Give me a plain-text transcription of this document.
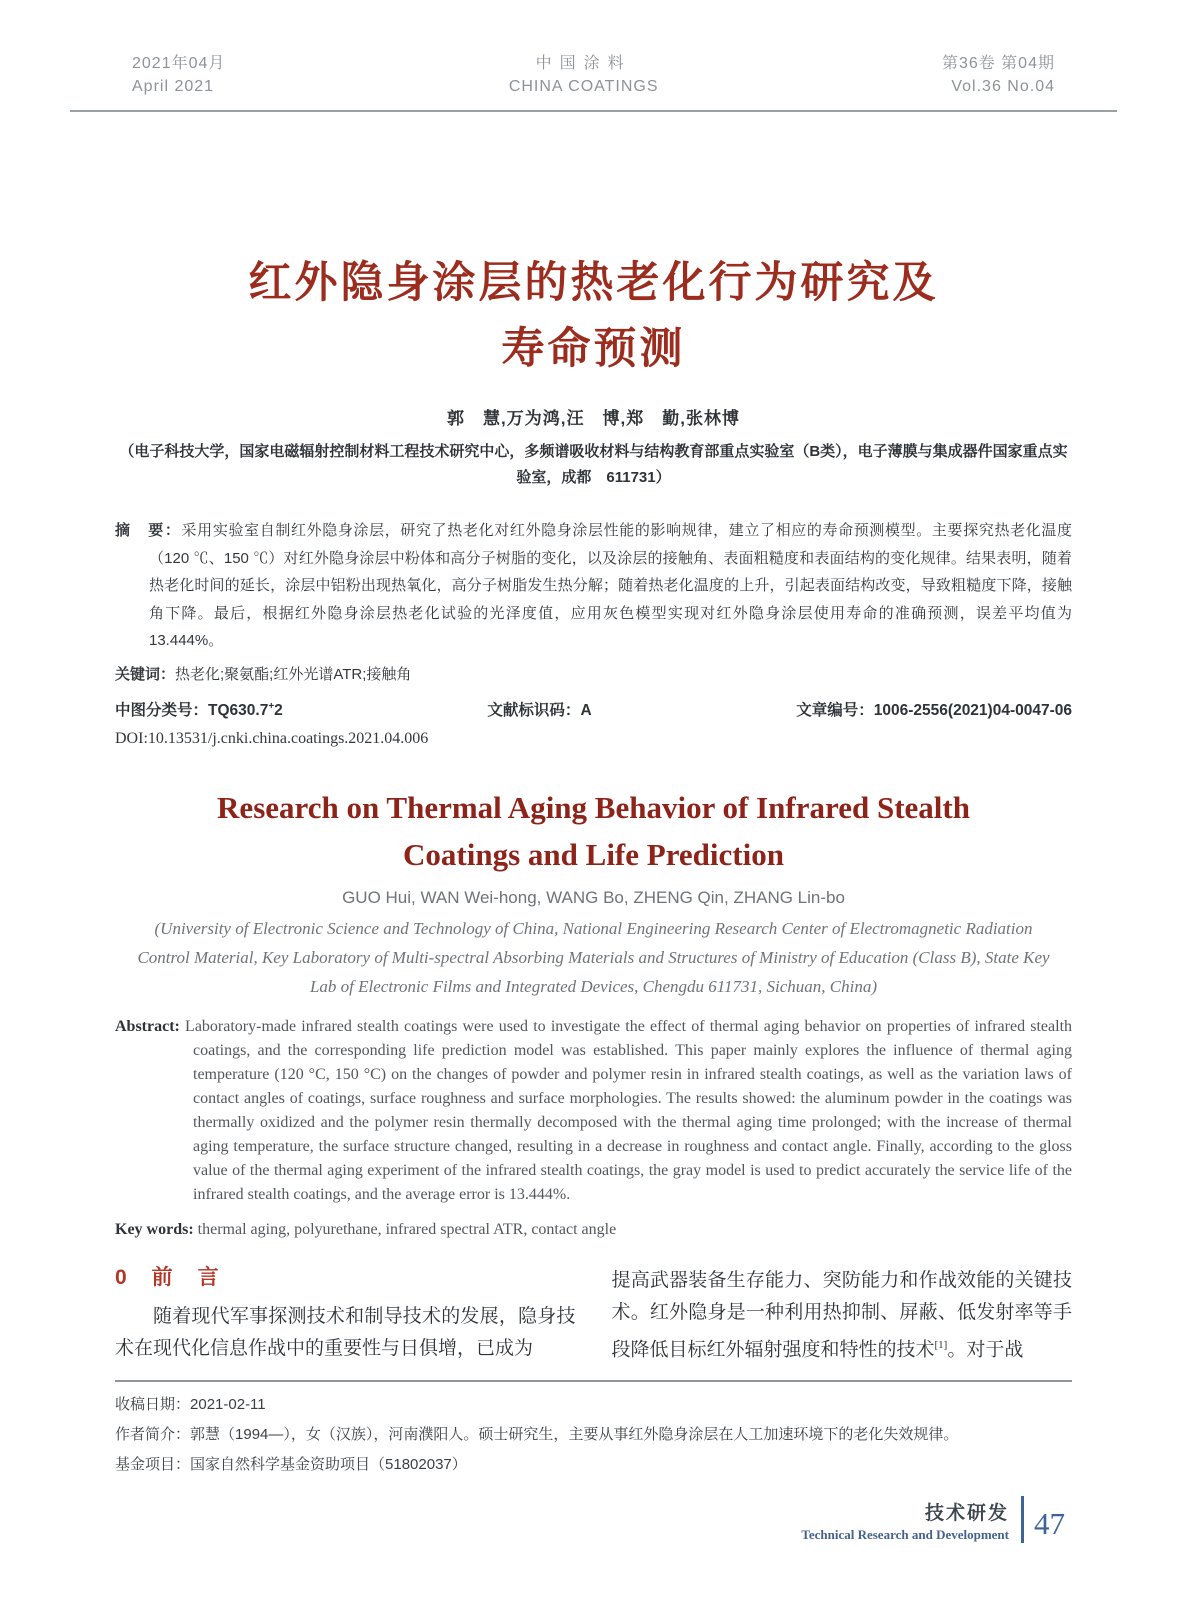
2021年04月
April 2021
中国涂料
CHINA COATINGS
第36卷 第04期
Vol.36 No.04
红外隐身涂层的热老化行为研究及
寿命预测
郭　慧,万为鸿,汪　博,郑　勤,张林博
（电子科技大学，国家电磁辐射控制材料工程技术研究中心，多频谱吸收材料与结构教育部重点实验室（B类），电子薄膜与集成器件国家重点实验室，成都　611731）

摘　要：采用实验室自制红外隐身涂层，研究了热老化对红外隐身涂层性能的影响规律，建立了相应的寿命预测模型。主要探究热老化温度（120 ℃、150 ℃）对红外隐身涂层中粉体和高分子树脂的变化，以及涂层的接触角、表面粗糙度和表面结构的变化规律。结果表明，随着热老化时间的延长，涂层中铝粉出现热氧化，高分子树脂发生热分解；随着热老化温度的上升，引起表面结构改变，导致粗糙度下降，接触角下降。最后，根据红外隐身涂层热老化试验的光泽度值，应用灰色模型实现对红外隐身涂层使用寿命的准确预测，误差平均值为13.444%。

关键词：热老化;聚氨酯;红外光谱ATR;接触角

中图分类号：TQ630.7+2	文献标识码：A	文章编号：1006-2556(2021)04-0047-06
DOI:10.13531/j.cnki.china.coatings.2021.04.006
Research on Thermal Aging Behavior of Infrared Stealth
Coatings and Life Prediction
GUO Hui, WAN Wei-hong, WANG Bo, ZHENG Qin, ZHANG Lin-bo
(University of Electronic Science and Technology of China, National Engineering Research Center of Electromagnetic Radiation Control Material, Key Laboratory of Multi-spectral Absorbing Materials and Structures of Ministry of Education (Class B), State Key Lab of Electronic Films and Integrated Devices, Chengdu 611731, Sichuan, China)

Abstract: Laboratory-made infrared stealth coatings were used to investigate the effect of thermal aging behavior on properties of infrared stealth coatings, and the corresponding life prediction model was established. This paper mainly explores the influence of thermal aging temperature (120 °C, 150 °C) on the changes of powder and polymer resin in infrared stealth coatings, as well as the variation laws of contact angles of coatings, surface roughness and surface morphologies. The results showed: the aluminum powder in the coatings was thermally oxidized and the polymer resin thermally decomposed with the thermal aging time prolonged; with the increase of thermal aging temperature, the surface structure changed, resulting in a decrease in roughness and contact angle. Finally, according to the gloss value of the thermal aging experiment of the infrared stealth coatings, the gray model is used to predict accurately the service life of the infrared stealth coatings, and the average error is 13.444%.

Key words: thermal aging, polyurethane, infrared spectral ATR, contact angle

0　前　言

随着现代军事探测技术和制导技术的发展，隐身技术在现代化信息作战中的重要性与日俱增，已成为

提高武器装备生存能力、突防能力和作战效能的关键技术。红外隐身是一种利用热抑制、屏蔽、低发射率等手段降低目标红外辐射强度和特性的技术[1]。对于战

收稿日期：2021-02-11
作者简介：郭慧（1994—），女（汉族），河南濮阳人。硕士研究生，主要从事红外隐身涂层在人工加速环境下的老化失效规律。
基金项目：国家自然科学基金资助项目（51802037）
技术研发
Technical Research and Development 47
